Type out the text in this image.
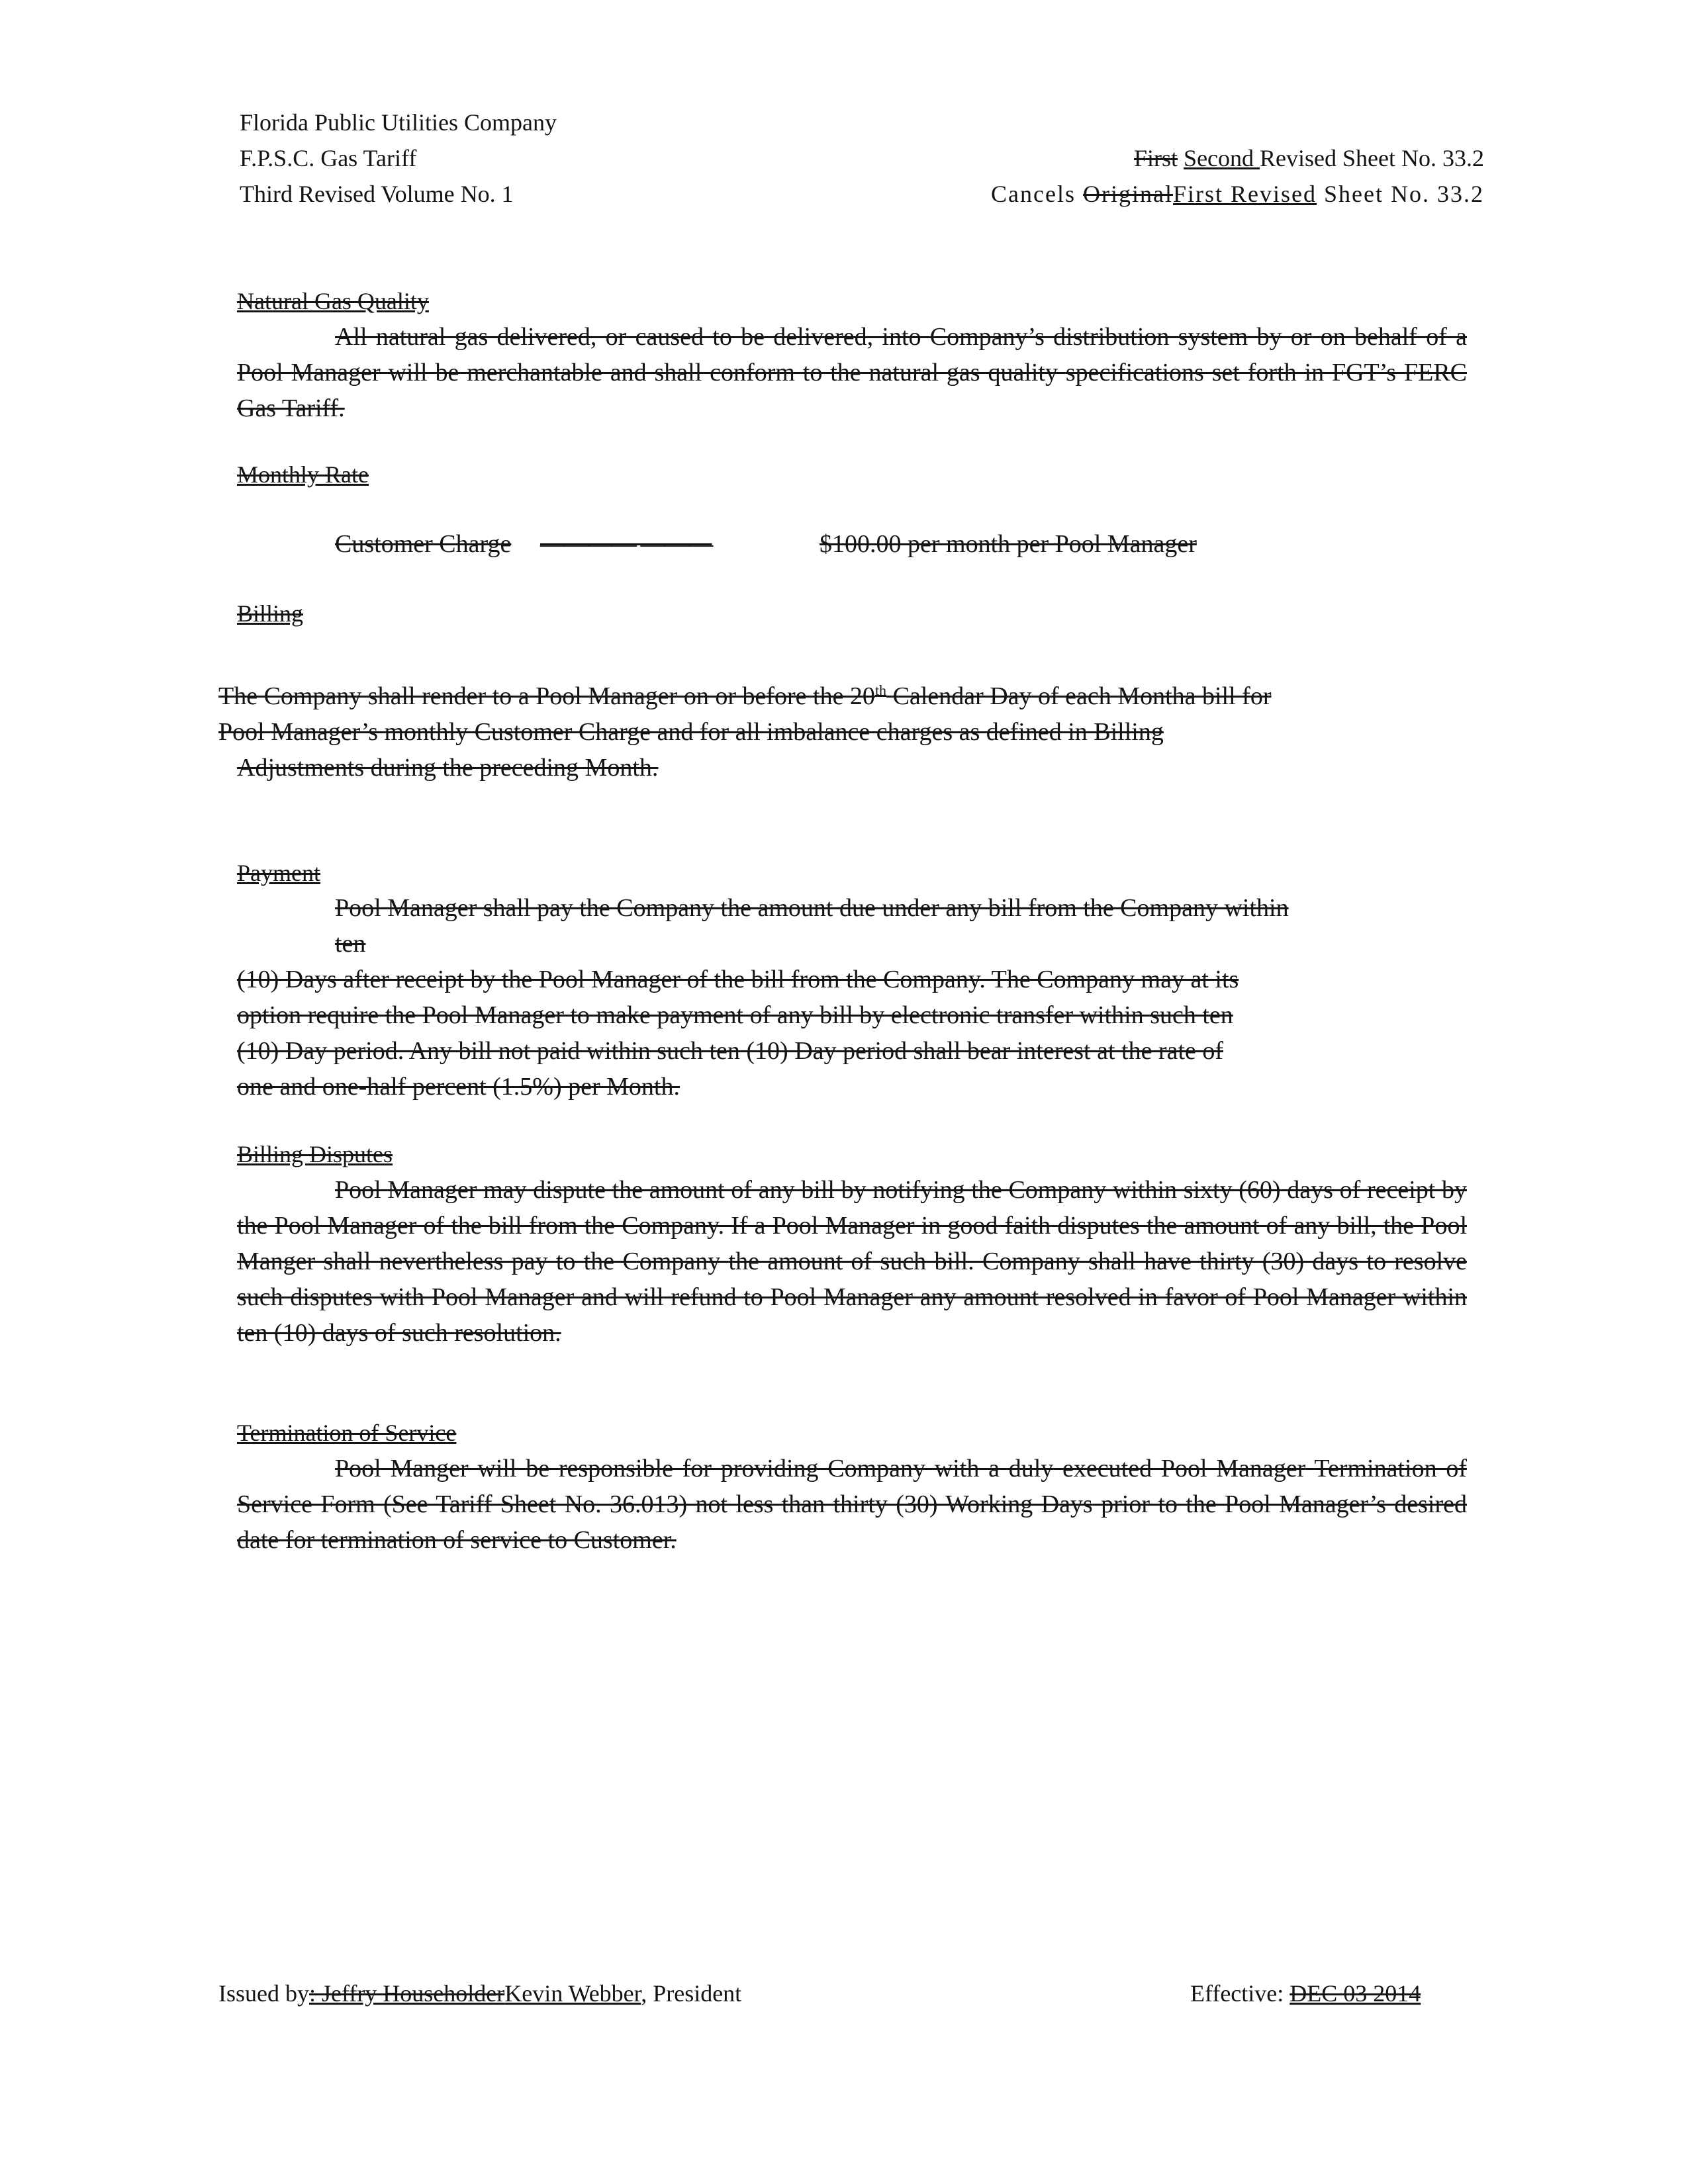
Florida Public Utilities Company
F.P.S.C. Gas Tariff
Third Revised Volume No. 1
First Second Revised Sheet No. 33.2
Cancels OriginalFirst Revised Sheet No. 33.2
Natural Gas Quality
All natural gas delivered, or caused to be delivered, into Company’s distribution system by or on behalf of a Pool Manager will be merchantable and shall conform to the natural gas quality specifications set forth in FGT’s FERC Gas Tariff.
Monthly Rate
Customer Charge ———— ———	$100.00 per month per Pool Manager
Billing
The Company shall render to a Pool Manager on or before the 20th Calendar Day of each Montha bill for
Pool Manager’s monthly Customer Charge and for all imbalance charges as defined in Billing
Adjustments during the preceding Month.
Payment
Pool Manager shall pay the Company the amount due under any bill from the Company within
ten
(10) Days after receipt by the Pool Manager of the bill from the Company. The Company may at its
option require the Pool Manager to make payment of any bill by electronic transfer within such ten
(10) Day period. Any bill not paid within such ten (10) Day period shall bear interest at the rate of
one and one-half percent (1.5%) per Month.
Billing Disputes
Pool Manager may dispute the amount of any bill by notifying the Company within sixty (60) days of receipt by the Pool Manager of the bill from the Company. If a Pool Manager in good faith disputes the amount of any bill, the Pool Manger shall nevertheless pay to the Company the amount of such bill. Company shall have thirty (30) days to resolve such disputes with Pool Manager and will refund to Pool Manager any amount resolved in favor of Pool Manager within ten (10) days of such resolution.
Termination of Service
Pool Manger will be responsible for providing Company with a duly executed Pool Manager Termination of Service Form (See Tariff Sheet No. 36.013) not less than thirty (30) Working Days prior to the Pool Manager’s desired date for termination of service to Customer.
Issued by: Jeffry HouseholderKevin Webber, President	Effective: DEC 03 2014
